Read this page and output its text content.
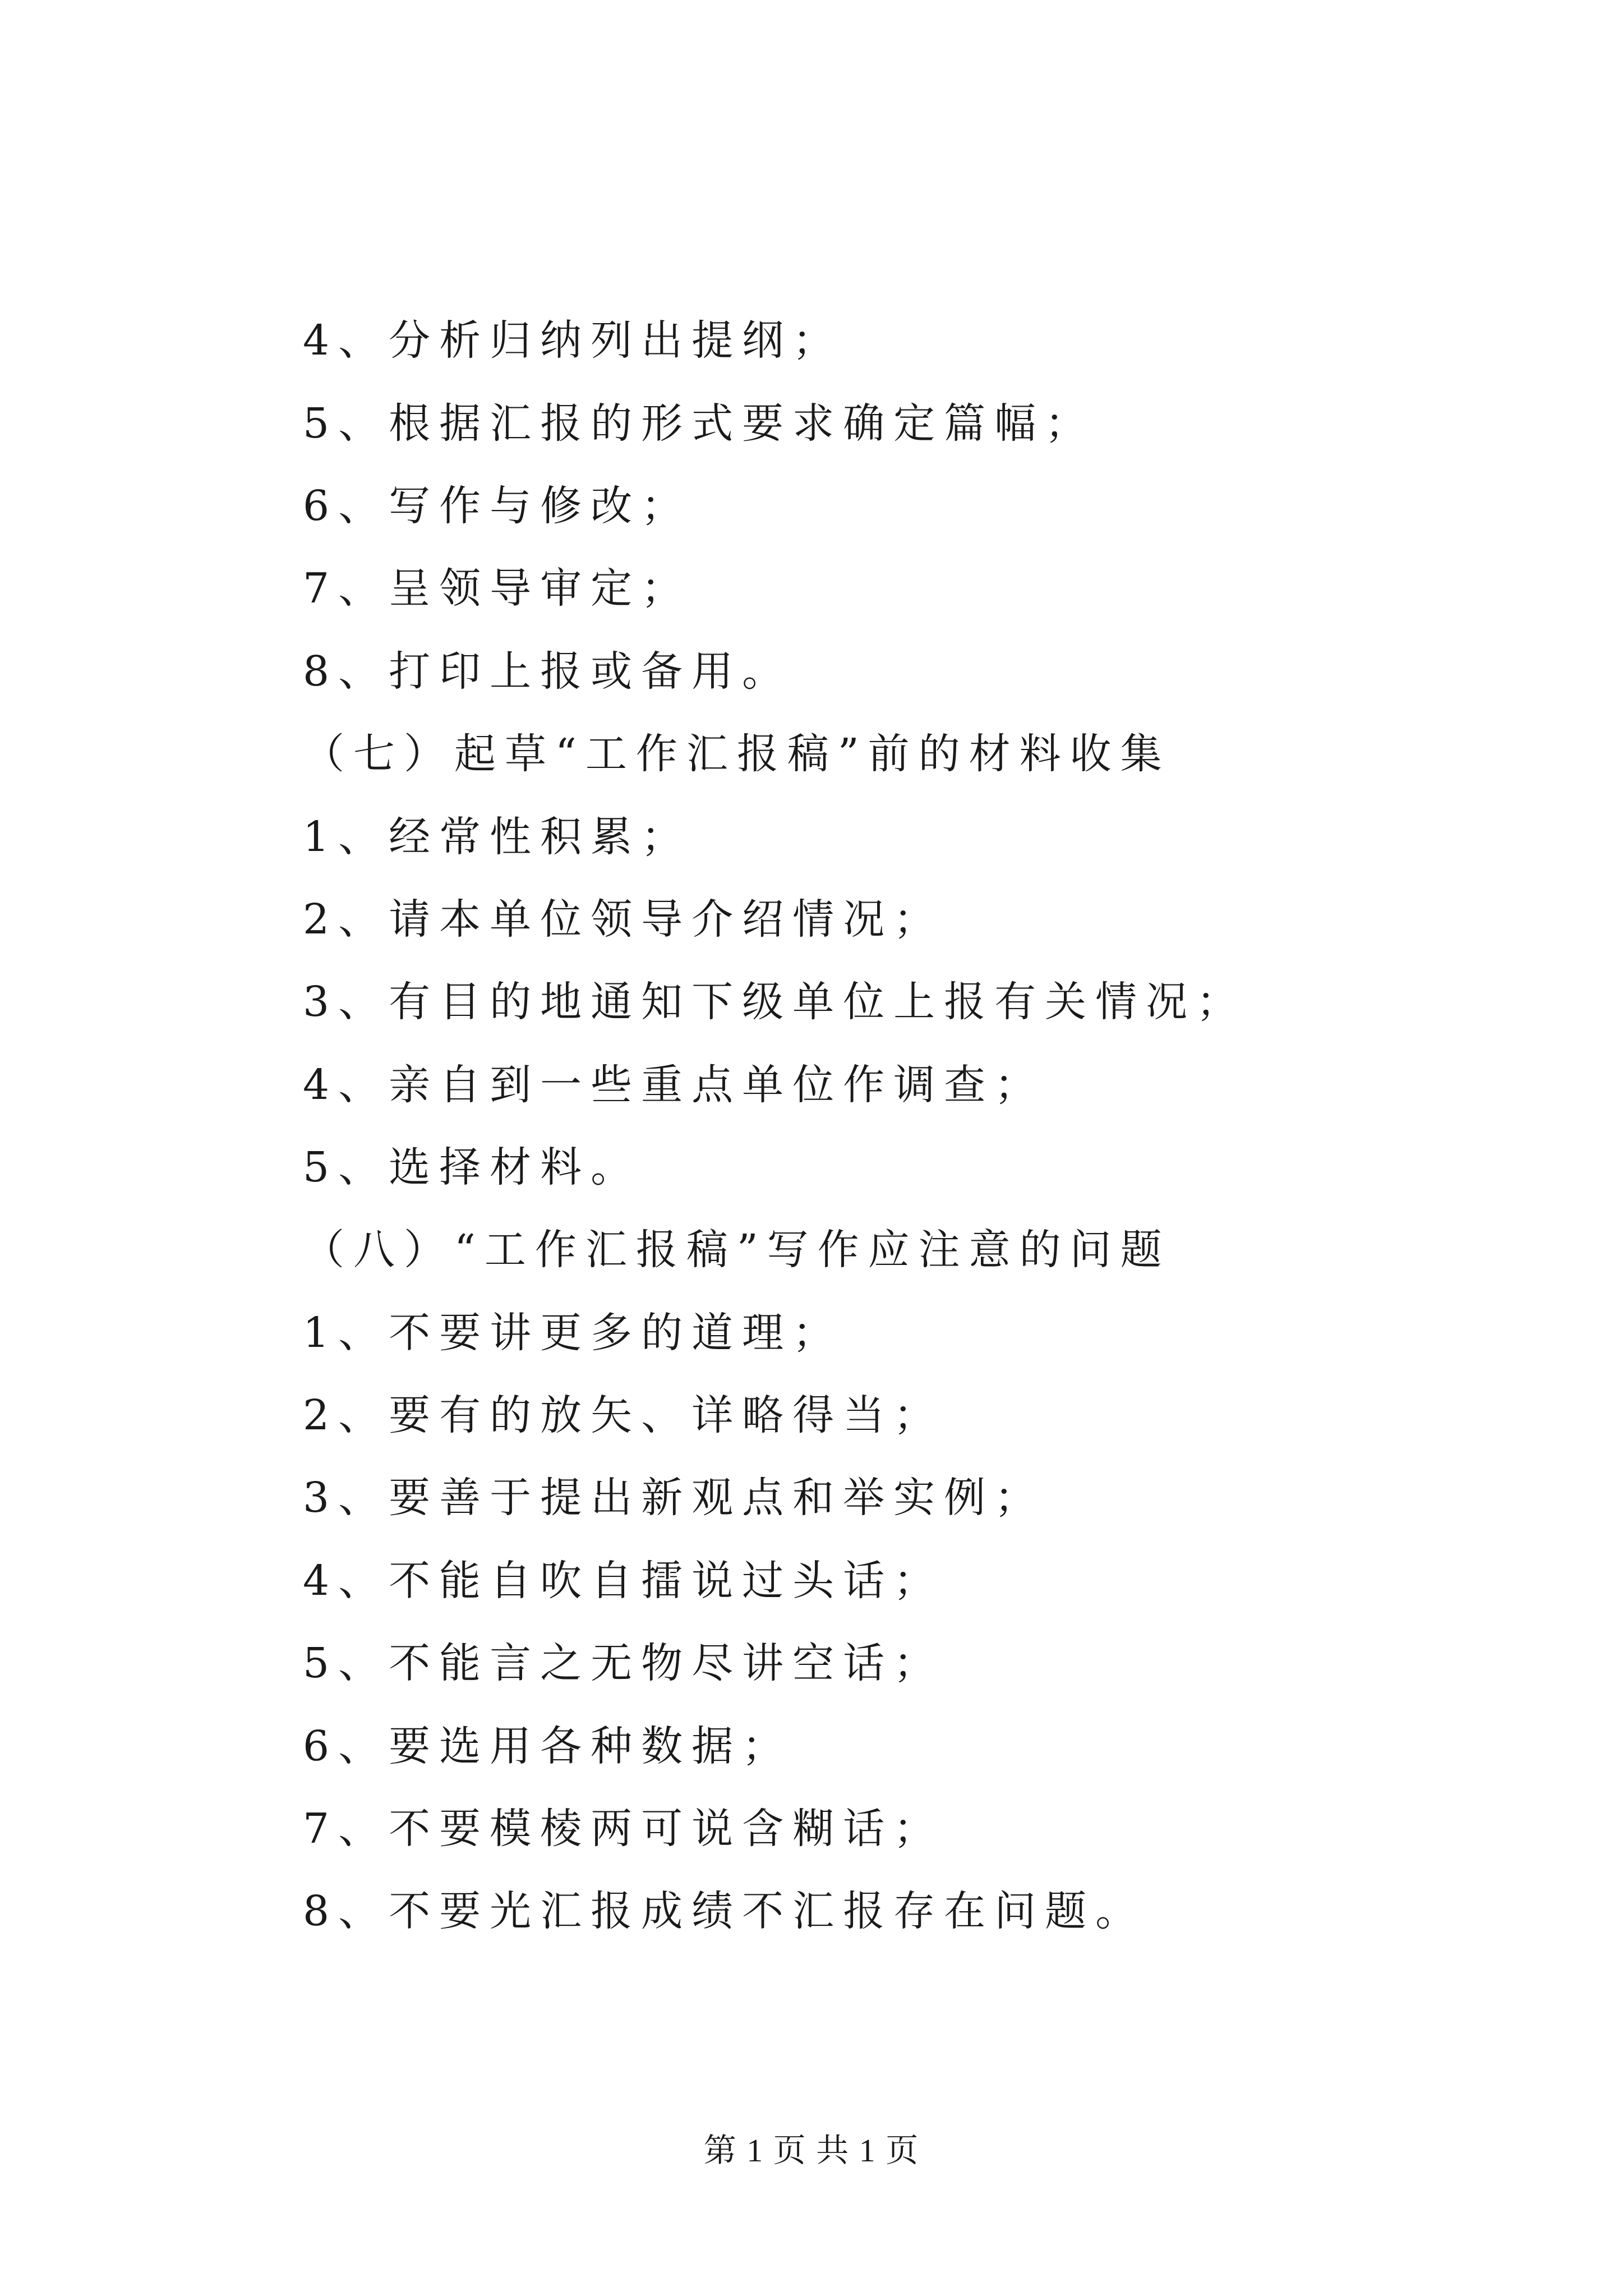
4、分析归纳列出提纲；
5、根据汇报的形式要求确定篇幅；
6、写作与修改；
7、呈领导审定；
8、打印上报或备用。
（七）起草“工作汇报稿”前的材料收集
1、经常性积累；
2、请本单位领导介绍情况；
3、有目的地通知下级单位上报有关情况；
4、亲自到一些重点单位作调查；
5、选择材料。
（八）“工作汇报稿”写作应注意的问题
1、不要讲更多的道理；
2、要有的放矢、详略得当；
3、要善于提出新观点和举实例；
4、不能自吹自擂说过头话；
5、不能言之无物尽讲空话；
6、要选用各种数据；
7、不要模棱两可说含糊话；
8、不要光汇报成绩不汇报存在问题。
第 1 页 共 1 页
